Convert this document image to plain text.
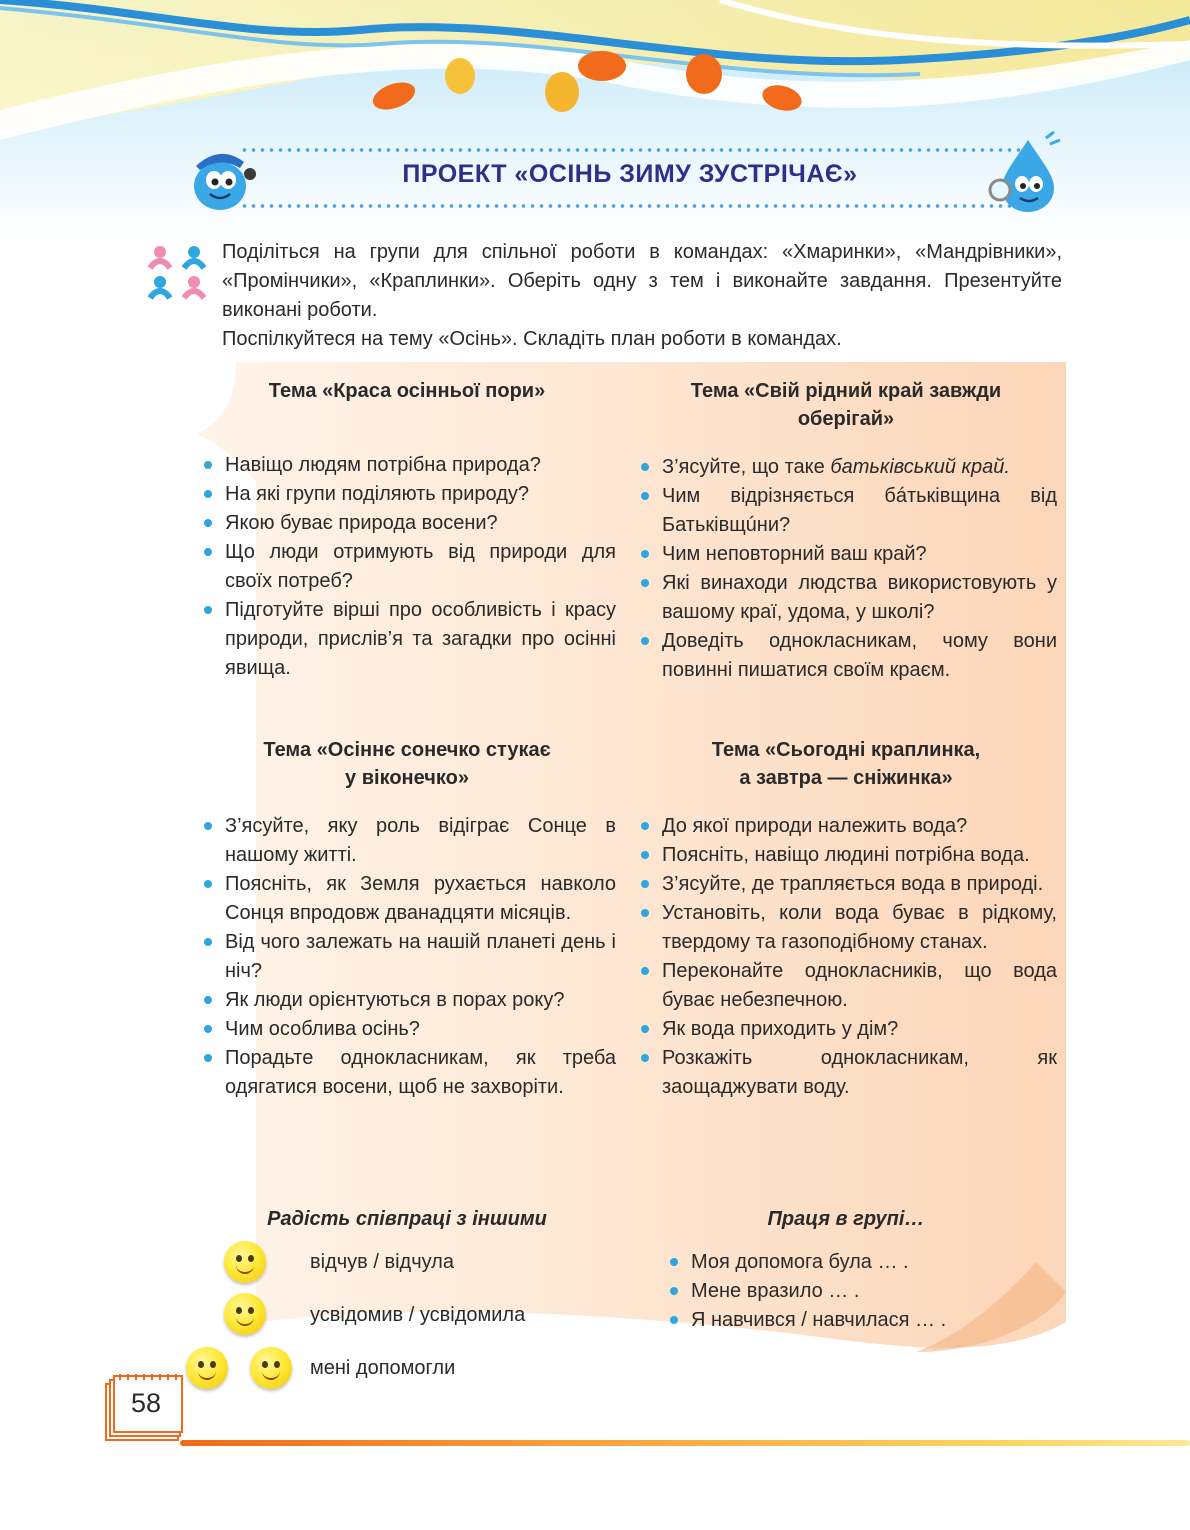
ПРОЕКТ «ОСІНЬ ЗИМУ ЗУСТРІЧАЄ»

Поділіться на групи для спільної роботи в командах: «Хмаринки», «Мандрівники», «Промінчики», «Краплинки». Оберіть одну з тем і виконайте завдання. Презентуйте виконані роботи.

Поспілкуйтеся на тему «Осінь». Складіть план роботи в командах.

Тема «Краса осінньої пори»
Навіщо людям потрібна природа?
На які групи поділяють природу?
Якою буває природа восени?
Що люди отримують від природи для своїх потреб?
Підготуйте вірші про особливість і красу природи, прислів’я та загадки про осінні явища.
Тема «Свій рідний край завжди
оберігай»
З’ясуйте, що таке батьківський край.
Чим відрізняється бáтьківщина від Батьківщúни?
Чим неповторний ваш край?
Які винаходи людства використовують у вашому краї, удома, у школі?
Доведіть однокласникам, чому вони повинні пишатися своїм краєм.
Тема «Осіннє сонечко стукає
у віконечко»
З’ясуйте, яку роль відіграє Сонце в нашому житті.
Поясніть, як Земля рухається навколо Сонця впродовж дванадцяти місяців.
Від чого залежать на нашій планеті день і ніч?
Як люди орієнтуються в порах року?
Чим особлива осінь?
Порадьте однокласникам, як треба одягатися восени, щоб не захворіти.
Тема «Сьогодні краплинка,
а завтра — сніжинка»
До якої природи належить вода?
Поясніть, навіщо людині потрібна вода.
З’ясуйте, де трапляється вода в природі.
Установіть, коли вода буває в рідкому, твердому та газоподібному станах.
Переконайте однокласників, що вода буває небезпечною.
Як вода приходить у дім?
Розкажіть однокласникам, як заощаджувати воду.
Радість співпраці з іншими
відчув / відчула
усвідомив / усвідомила
мені допомогли
Праця в групі…
Моя допомога була … .
Мене вразило … .
Я навчився / навчилася … .
58
